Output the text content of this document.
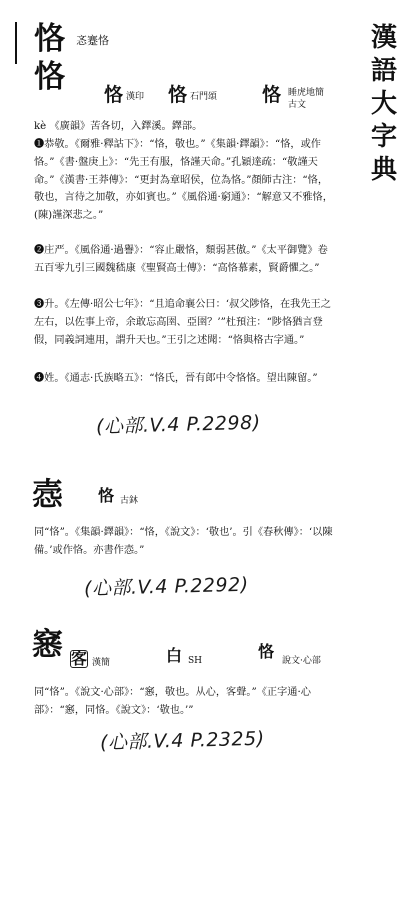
漢
語
大
字
典
恪
恪
忞蹇恪
恪 漢印 恪 石門頌 恪 睡虎地簡
古文
kè 《廣韻》苦各切，入鐸溪。鐸部。
❶恭敬。《爾雅·釋詁下》：“恪，敬也。”《集韻·鐸韻》：“恪，或作恪。”《書·盤庚上》：“先王有服，恪謹天命。”孔穎達疏：“敬謹天命。”《漢書·王莽傳》：“更封為章昭侯，位為恪。”顏師古注：“恪，敬也，言待之加敬，亦如賓也。”《風俗通·窮通》：“解意又不雅恪，(陳)謹深悲之。”
❷庄严。《風俗通·過譽》：“容止嚴恪，頹弱甚傲。”《太平御覽》卷五百零九引三國魏嵇康《聖賢高士傳》：“高恪慕素，賢爵懼之。”
❸升。《左傳·昭公七年》：“且追命襄公曰：‘叔父陟恪，在我先王之左右，以佐事上帝，余敢忘高圉、亞圉？’”杜預注：“陟恪猶言登假，同義詞連用，謂升天也。”王引之述聞：“恪與格古字通。”
❹姓。《通志·氏族略五》：“恪氏，晉有郎中令恪恪。望出陳留。”
(心部.V.4 P.2298)
悫 恪 古鈢
同“恪”。《集韻·鐸韻》：“恪，《說文》：‘敬也’。引《春秋傳》：‘以陳備。’或作恪。亦書作悫。”
(心部.V.4 P.2292)
窸 客 漢簡	白 SH	恪 說文·心部
同“恪”。《說文·心部》：“窸，敬也。从心，客聲。”《正字通·心部》：“窸，同恪。《說文》：‘敬也。’”
(心部.V.4 P.2325)
